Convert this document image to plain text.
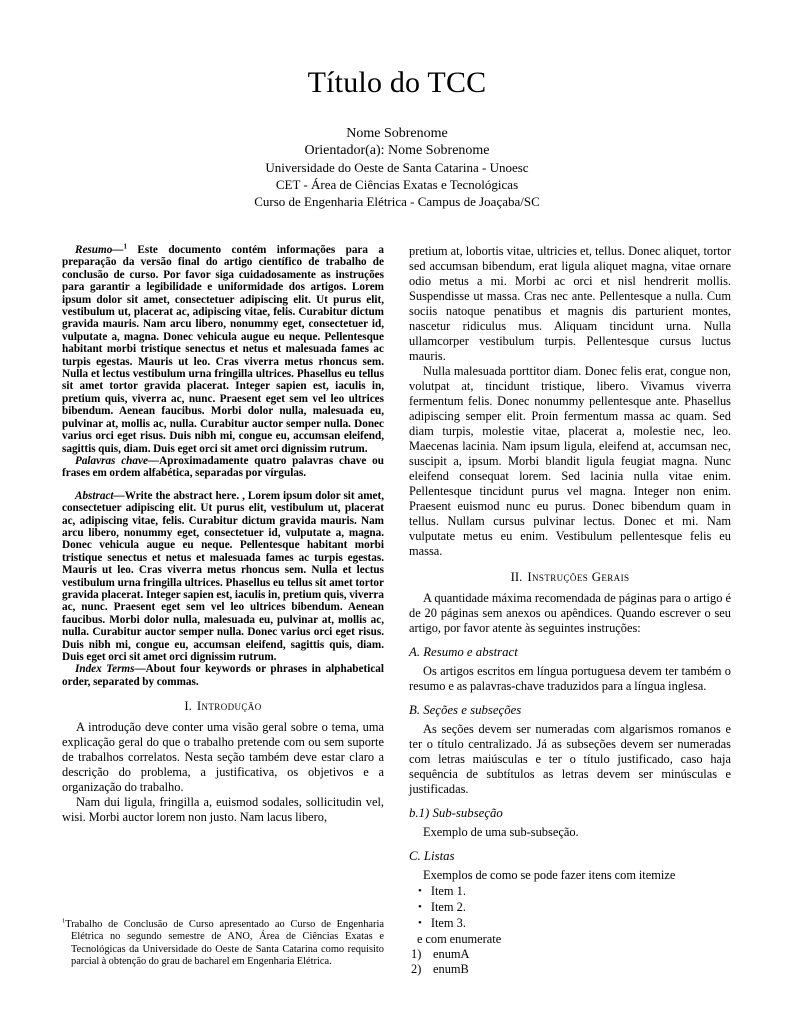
Título do TCC
Nome Sobrenome
Orientador(a): Nome Sobrenome
Universidade do Oeste de Santa Catarina - Unoesc
CET - Área de Ciências Exatas e Tecnológicas
Curso de Engenharia Elétrica - Campus de Joaçaba/SC

Resumo—$^1$ Este documento contém informações para a preparação da versão final do artigo científico de trabalho de conclusão de curso. Por favor siga cuidadosamente as instruções para garantir a legibilidade e uniformidade dos artigos. Lorem ipsum dolor sit amet, consectetuer adipiscing elit. Ut purus elit, vestibulum ut, placerat ac, adipiscing vitae, felis. Curabitur dictum gravida mauris. Nam arcu libero, nonummy eget, consectetuer id, vulputate a, magna. Donec vehicula augue eu neque. Pellentesque habitant morbi tristique senectus et netus et malesuada fames ac turpis egestas. Mauris ut leo. Cras viverra metus rhoncus sem. Nulla et lectus vestibulum urna fringilla ultrices. Phasellus eu tellus sit amet tortor gravida placerat. Integer sapien est, iaculis in, pretium quis, viverra ac, nunc. Praesent eget sem vel leo ultrices bibendum. Aenean faucibus. Morbi dolor nulla, malesuada eu, pulvinar at, mollis ac, nulla. Curabitur auctor semper nulla. Donec varius orci eget risus. Duis nibh mi, congue eu, accumsan eleifend, sagittis quis, diam. Duis eget orci sit amet orci dignissim rutrum.

Palavras chave—Aproximadamente quatro palavras chave ou frases em ordem alfabética, separadas por vírgulas.

Abstract—Write the abstract here. , Lorem ipsum dolor sit amet, consectetuer adipiscing elit. Ut purus elit, vestibulum ut, placerat ac, adipiscing vitae, felis. Curabitur dictum gravida mauris. Nam arcu libero, nonummy eget, consectetuer id, vulputate a, magna. Donec vehicula augue eu neque. Pellentesque habitant morbi tristique senectus et netus et malesuada fames ac turpis egestas. Mauris ut leo. Cras viverra metus rhoncus sem. Nulla et lectus vestibulum urna fringilla ultrices. Phasellus eu tellus sit amet tortor gravida placerat. Integer sapien est, iaculis in, pretium quis, viverra ac, nunc. Praesent eget sem vel leo ultrices bibendum. Aenean faucibus. Morbi dolor nulla, malesuada eu, pulvinar at, mollis ac, nulla. Curabitur auctor semper nulla. Donec varius orci eget risus. Duis nibh mi, congue eu, accumsan eleifend, sagittis quis, diam. Duis eget orci sit amet orci dignissim rutrum.

Index Terms—About four keywords or phrases in alphabetical order, separated by commas.

I. Introdução

A introdução deve conter uma visão geral sobre o tema, uma explicação geral do que o trabalho pretende com ou sem suporte de trabalhos correlatos. Nesta seção também deve estar claro a descrição do problema, a justificativa, os objetivos e a organização do trabalho.

Nam dui ligula, fringilla a, euismod sodales, sollicitudin vel, wisi. Morbi auctor lorem non justo. Nam lacus libero,

$^1$Trabalho de Conclusão de Curso apresentado ao Curso de Engenharia Elétrica no segundo semestre de ANO, Área de Ciências Exatas e Tecnológicas da Universidade do Oeste de Santa Catarina como requisito parcial à obtenção do grau de bacharel em Engenharia Elétrica.

pretium at, lobortis vitae, ultricies et, tellus. Donec aliquet, tortor sed accumsan bibendum, erat ligula aliquet magna, vitae ornare odio metus a mi. Morbi ac orci et nisl hendrerit mollis. Suspendisse ut massa. Cras nec ante. Pellentesque a nulla. Cum sociis natoque penatibus et magnis dis parturient montes, nascetur ridiculus mus. Aliquam tincidunt urna. Nulla ullamcorper vestibulum turpis. Pellentesque cursus luctus mauris.

Nulla malesuada porttitor diam. Donec felis erat, congue non, volutpat at, tincidunt tristique, libero. Vivamus viverra fermentum felis. Donec nonummy pellentesque ante. Phasellus adipiscing semper elit. Proin fermentum massa ac quam. Sed diam turpis, molestie vitae, placerat a, molestie nec, leo. Maecenas lacinia. Nam ipsum ligula, eleifend at, accumsan nec, suscipit a, ipsum. Morbi blandit ligula feugiat magna. Nunc eleifend consequat lorem. Sed lacinia nulla vitae enim. Pellentesque tincidunt purus vel magna. Integer non enim. Praesent euismod nunc eu purus. Donec bibendum quam in tellus. Nullam cursus pulvinar lectus. Donec et mi. Nam vulputate metus eu enim. Vestibulum pellentesque felis eu massa.

II. Instruções Gerais

A quantidade máxima recomendada de páginas para o artigo é de 20 páginas sem anexos ou apêndices. Quando escrever o seu artigo, por favor atente às seguintes instruções:

A. Resumo e abstract

Os artigos escritos em língua portuguesa devem ter também o resumo e as palavras-chave traduzidos para a língua inglesa.

B. Seções e subseções

As seções devem ser numeradas com algarismos romanos e ter o título centralizado. Já as subseções devem ser numeradas com letras maiúsculas e ter o título justificado, caso haja sequência de subtítulos as letras devem ser minúsculas e justificadas.

b.1) Sub-subseção

Exemplo de uma sub-subseção.

C. Listas

Exemplos de como se pode fazer itens com itemize

• Item 1.
• Item 2.
• Item 3.

e com enumerate

1) enumA
2) enumB
